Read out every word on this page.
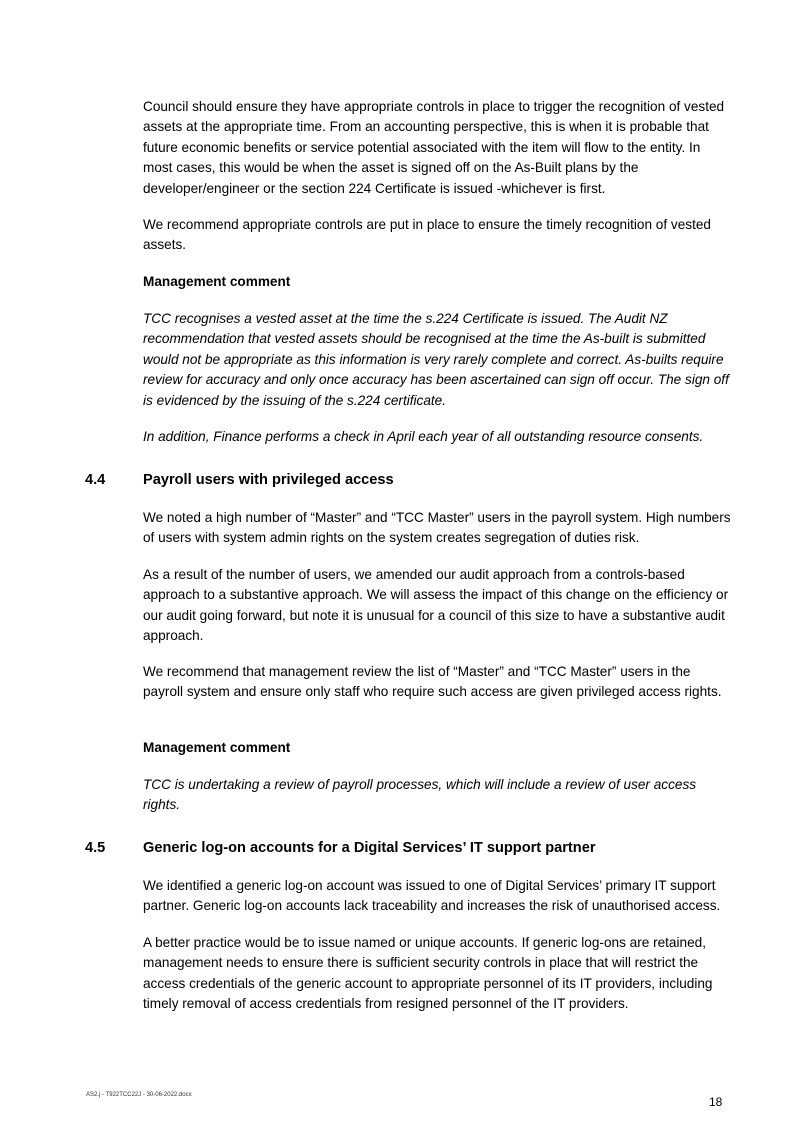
Council should ensure they have appropriate controls in place to trigger the recognition of vested assets at the appropriate time. From an accounting perspective, this is when it is probable that future economic benefits or service potential associated with the item will flow to the entity. In most cases, this would be when the asset is signed off on the As-Built plans by the developer/engineer or the section 224 Certificate is issued -whichever is first.

We recommend appropriate controls are put in place to ensure the timely recognition of vested assets.

Management comment

TCC recognises a vested asset at the time the s.224 Certificate is issued. The Audit NZ recommendation that vested assets should be recognised at the time the As-built is submitted would not be appropriate as this information is very rarely complete and correct. As-builts require review for accuracy and only once accuracy has been ascertained can sign off occur. The sign off is evidenced by the issuing of the s.224 certificate.

In addition, Finance performs a check in April each year of all outstanding resource consents.

4.4	Payroll users with privileged access

We noted a high number of “Master” and “TCC Master” users in the payroll system. High numbers of users with system admin rights on the system creates segregation of duties risk.

As a result of the number of users, we amended our audit approach from a controls-based approach to a substantive approach. We will assess the impact of this change on the efficiency or our audit going forward, but note it is unusual for a council of this size to have a substantive audit approach.

We recommend that management review the list of “Master” and “TCC Master” users in the payroll system and ensure only staff who require such access are given privileged access rights.

Management comment

TCC is undertaking a review of payroll processes, which will include a review of user access rights.

4.5	Generic log-on accounts for a Digital Services’ IT support partner

We identified a generic log-on account was issued to one of Digital Services’ primary IT support partner. Generic log-on accounts lack traceability and increases the risk of unauthorised access.

A better practice would be to issue named or unique accounts. If generic log-ons are retained, management needs to ensure there is sufficient security controls in place that will restrict the access credentials of the generic account to appropriate personnel of its IT providers, including timely removal of access credentials from resigned personnel of the IT providers.

AS2.j - T922TCC22J - 30-06-2022.docx	18
